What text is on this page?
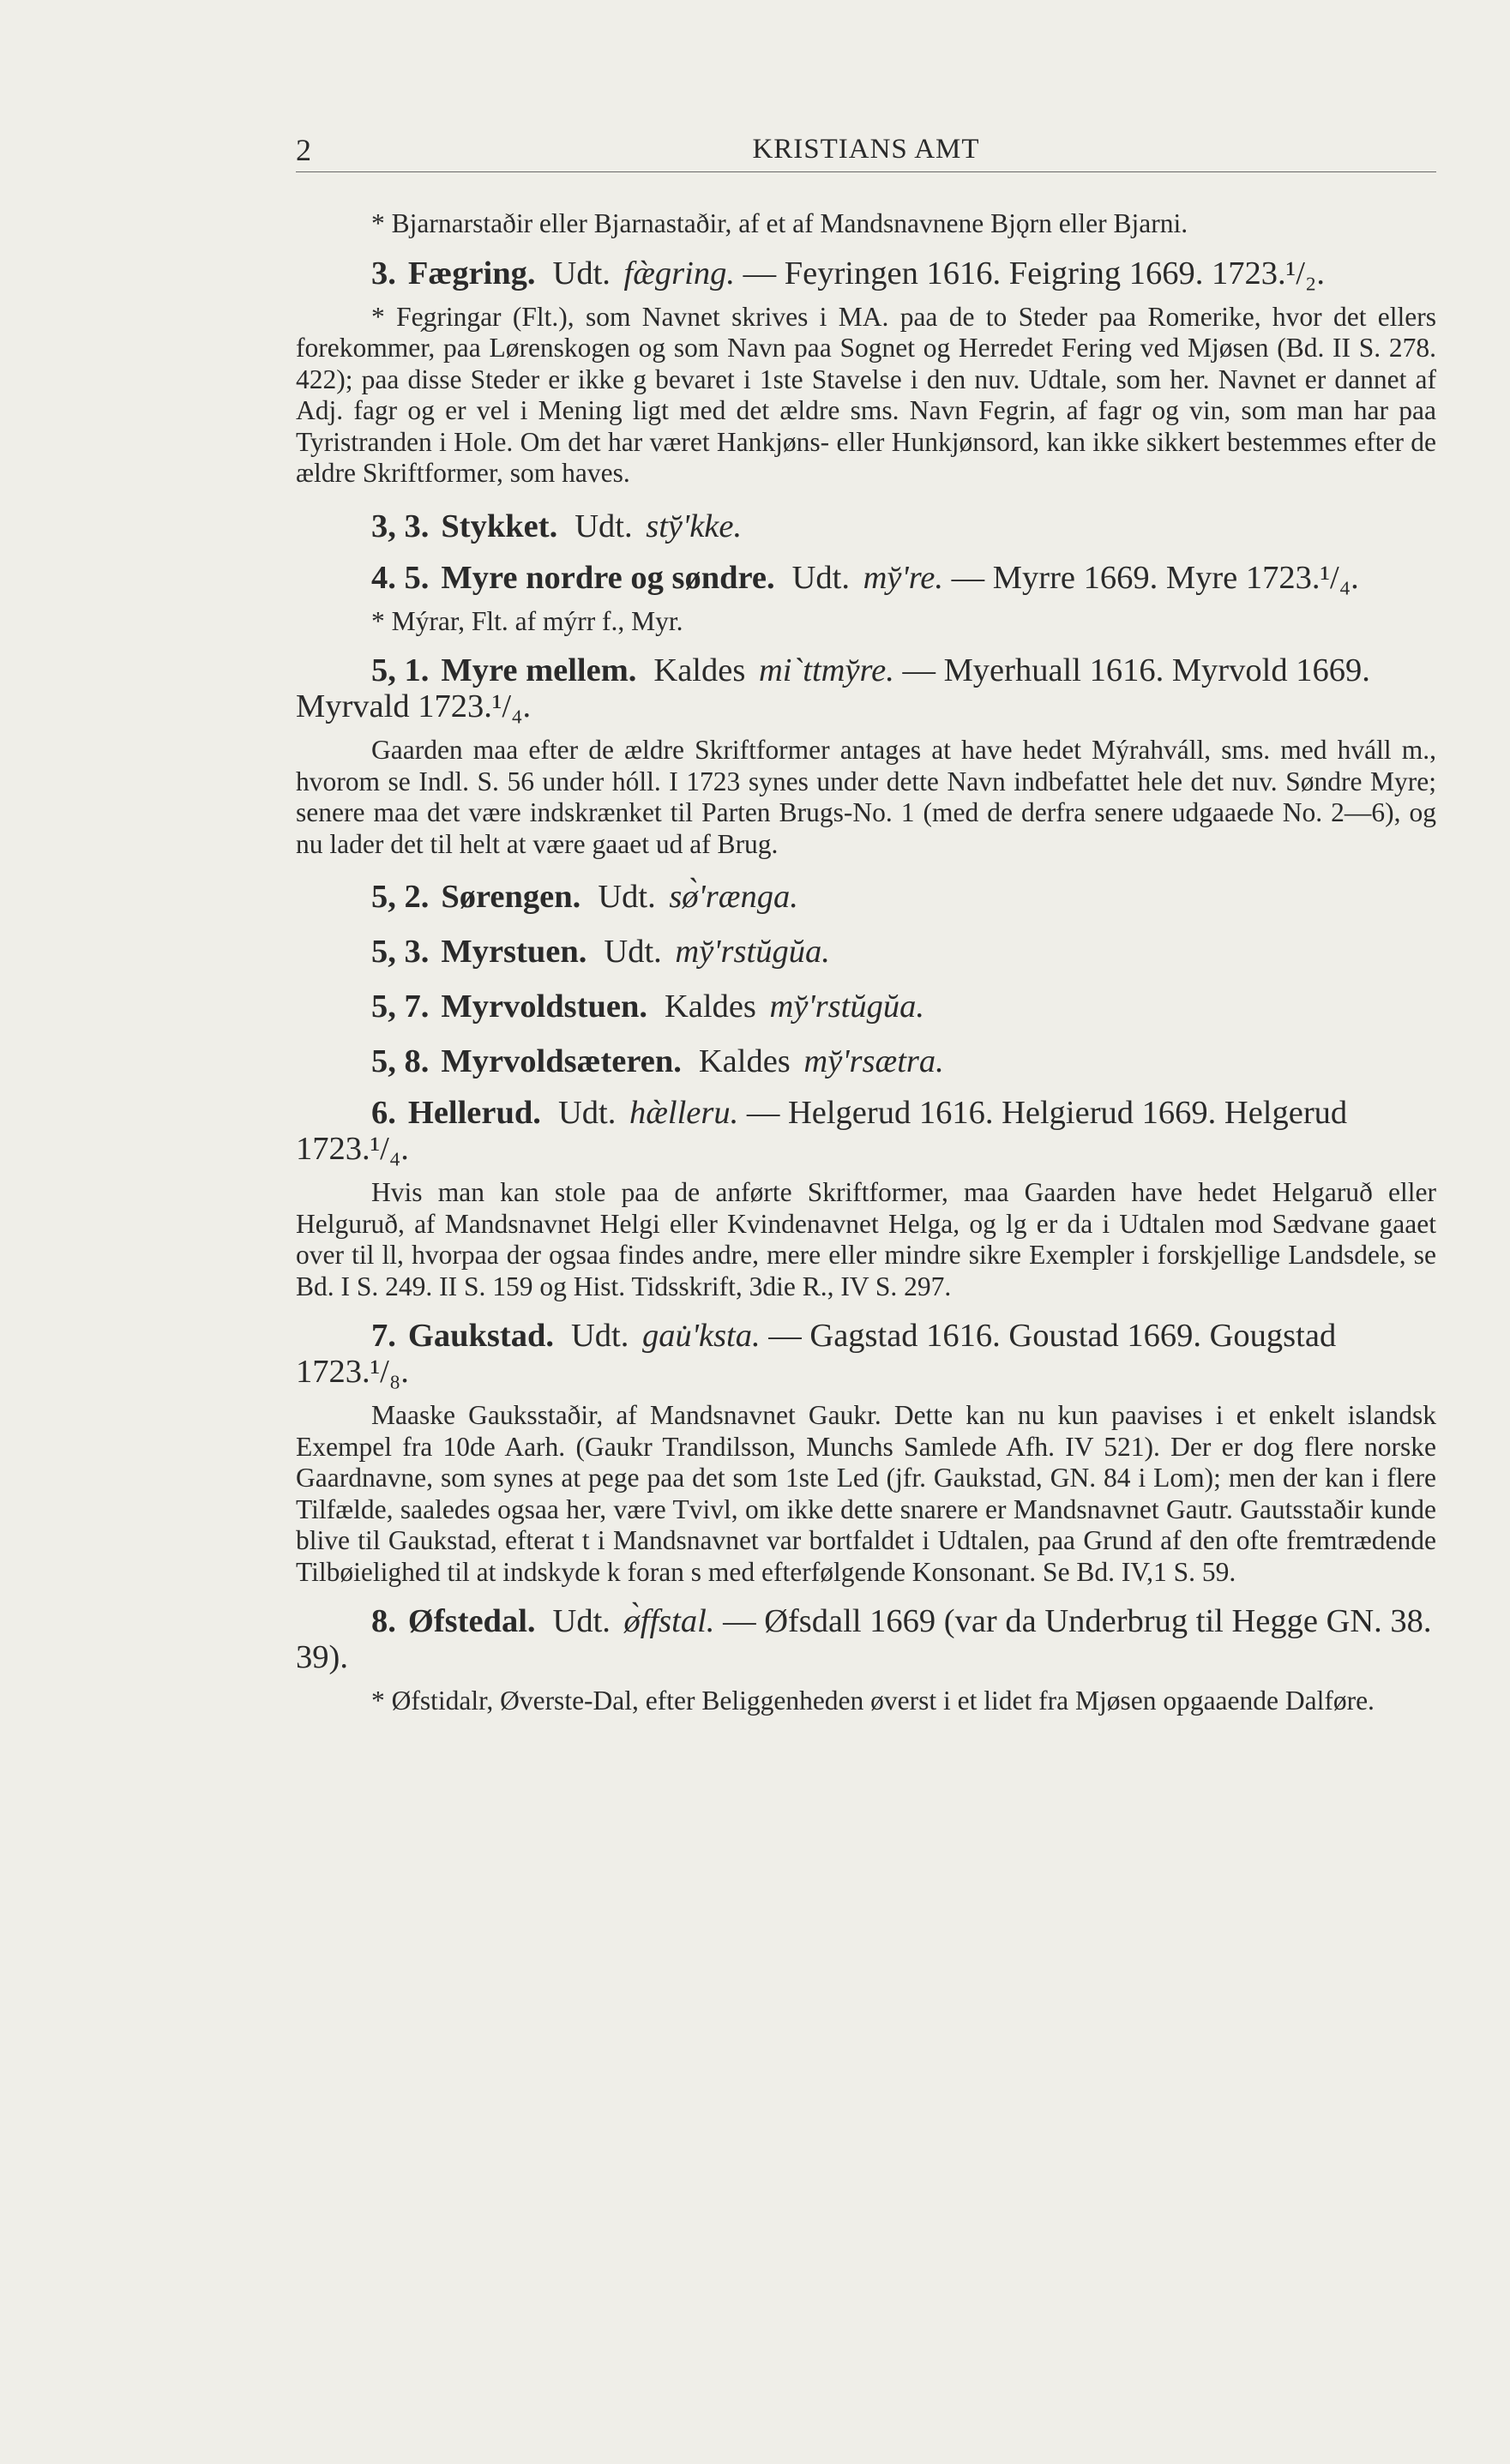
2	KRISTIANS AMT

* Bjarnarstaðir eller Bjarnastaðir, af et af Mandsnavnene Bjǫrn eller Bjarni.

3. Fægring. Udt. fæ̀gring. — Feyringen 1616. Feigring 1669. 1723.¹/₂.

* Fe̗gringar (Flt.), som Navnet skrives i MA. paa de to Steder paa Romerike, hvor det ellers forekommer, paa Lørenskogen og som Navn paa Sognet og Herredet Fering ved Mjøsen (Bd. II S. 278. 422); paa disse Steder er ikke g bevaret i 1ste Stavelse i den nuv. Udtale, som her. Navnet er dannet af Adj. fagr og er vel i Mening ligt med det ældre sms. Navn Fegrin, af fagr og vin, som man har paa Tyristranden i Hole. Om det har været Hankjøns- eller Hunkjønsord, kan ikke sikkert bestemmes efter de ældre Skriftformer, som haves.

3, 3. Stykket. Udt. sty̆'kke.

4. 5. Myre nordre og søndre. Udt. my̆'re. — Myrre 1669. Myre 1723.¹/₄.

* Mýrar, Flt. af mýrr f., Myr.

5, 1. Myre mellem. Kaldes mi`ttmy̆re. — Myerhuall 1616. Myrvold 1669. Myrvald 1723.¹/₄.

Gaarden maa efter de ældre Skriftformer antages at have hedet Mýrahváll, sms. med hváll m., hvorom se Indl. S. 56 under hóll. I 1723 synes under dette Navn indbefattet hele det nuv. Søndre Myre; senere maa det være indskrænket til Parten Brugs-No. 1 (med de derfra senere udgaaede No. 2—6), og nu lader det til helt at være gaaet ud af Brug.

5, 2. Sørengen. Udt. sø̀'rænga.

5, 3. Myrstuen. Udt. my̆'rstŭgŭa.

5, 7. Myrvoldstuen. Kaldes my̆'rstŭgŭa.

5, 8. Myrvoldsæteren. Kaldes my̆'rsætra.

6. Hellerud. Udt. hæ̀lleru. — Helgerud 1616. Helgierud 1669. Helgerud 1723.¹/₄.

Hvis man kan stole paa de anførte Skriftformer, maa Gaarden have hedet Helgaruð eller Helguruð, af Mandsnavnet Helgi eller Kvindenavnet Helga, og lg er da i Udtalen mod Sædvane gaaet over til ll, hvorpaa der ogsaa findes andre, mere eller mindre sikre Exempler i forskjellige Landsdele, se Bd. I S. 249. II S. 159 og Hist. Tidsskrift, 3die R., IV S. 297.

7. Gaukstad. Udt. gau̇'ksta. — Gagstad 1616. Goustad 1669. Gougstad 1723.¹/₈.

Maaske Gauksstaðir, af Mandsnavnet Gaukr. Dette kan nu kun paavises i et enkelt islandsk Exempel fra 10de Aarh. (Gaukr Trandilsson, Munchs Samlede Afh. IV 521). Der er dog flere norske Gaardnavne, som synes at pege paa det som 1ste Led (jfr. Gaukstad, GN. 84 i Lom); men der kan i flere Tilfælde, saaledes ogsaa her, være Tvivl, om ikke dette snarere er Mandsnavnet Gautr. Gautsstaðir kunde blive til Gaukstad, efterat t i Mandsnavnet var bortfaldet i Udtalen, paa Grund af den ofte fremtrædende Tilbøielighed til at indskyde k foran s med efterfølgende Konsonant. Se Bd. IV,1 S. 59.

8. Øfstedal. Udt. ø̀ffstal. — Øfsdall 1669 (var da Underbrug til Hegge GN. 38. 39).

* Øfstidalr, Øverste-Dal, efter Beliggenheden øverst i et lidet fra Mjøsen opgaaende Dalføre.
